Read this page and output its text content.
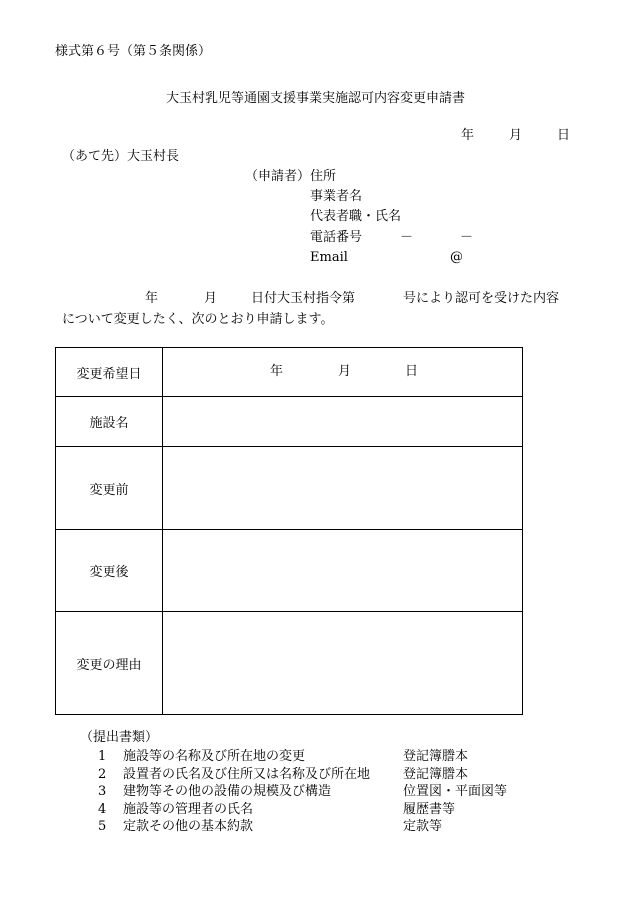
様式第６号（第５条関係）
大玉村乳児等通園支援事業実施認可内容変更申請書
年	月	日
（あて先）大玉村長
（申請者） 住所
事業者名
代表者職・氏名
電話番号	－	－
Email	@
年	月	日付大玉村指令第	号により認可を受けた内容
について変更したく、次のとおり申請します。
変更希望日	年 月 日

施設名	
変更前	
変更後	
変更の理由	
（提出書類）
1 施設等の名称及び所在地の変更	登記簿謄本
2 設置者の氏名及び住所又は名称及び所在地	登記簿謄本
3 建物等その他の設備の規模及び構造	位置図・平面図等
4 施設等の管理者の氏名	履歴書等
5 定款その他の基本約款	定款等
